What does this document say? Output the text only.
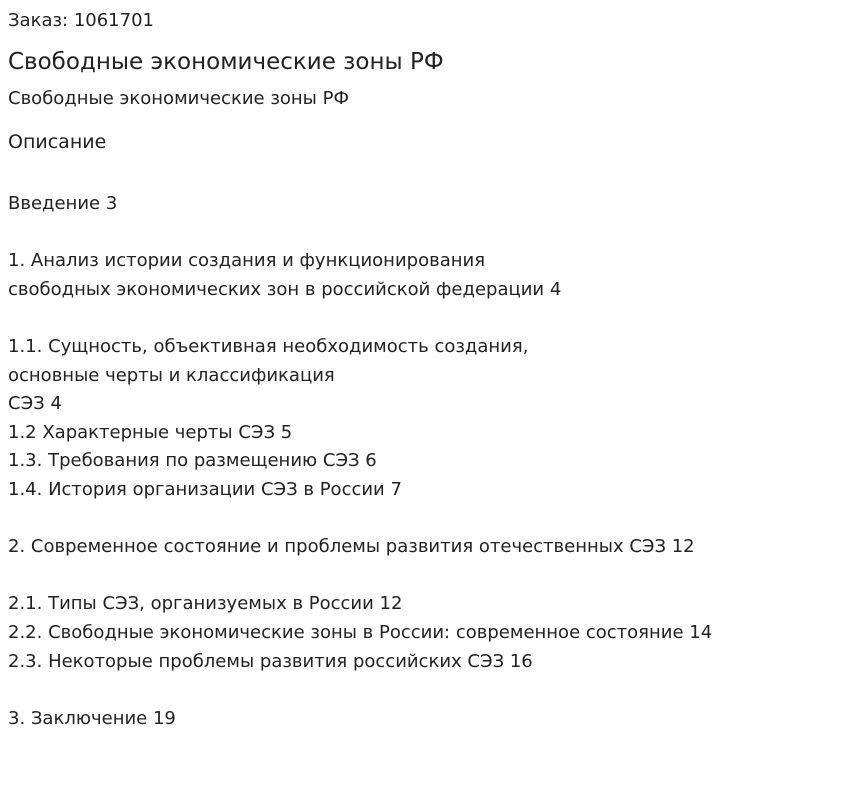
Заказ: 1061701
Свободные экономические зоны РФ
Свободные экономические зоны РФ
Описание
Введение 3
1. Анализ истории создания и функционирования
свободных экономических зон в российской федерации 4
1.1. Сущность, объективная необходимость создания,
основные черты и классификация
СЭЗ 4
1.2 Характерные черты СЭЗ 5
1.3. Требования по размещению СЭЗ 6
1.4. История организации СЭЗ в России 7
2. Современное состояние и проблемы развития отечественных СЭЗ 12
2.1. Типы СЭЗ, организуемых в России 12
2.2. Свободные экономические зоны в России: современное состояние 14
2.3. Некоторые проблемы развития российских СЭЗ 16
3. Заключение 19
